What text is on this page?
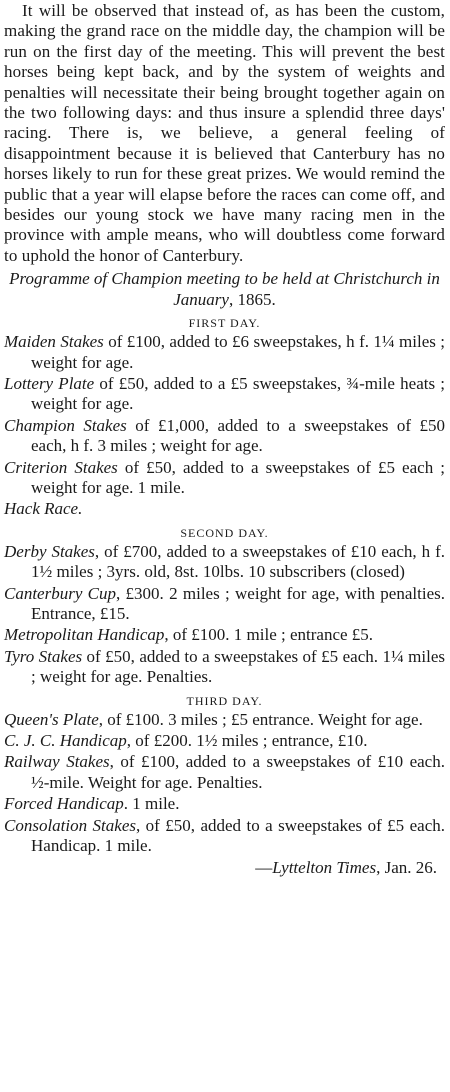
It will be observed that instead of, as has been the custom, making the grand race on the middle day, the champion will be run on the first day of the meeting. This will prevent the best horses being kept back, and by the system of weights and penalties will necessitate their being brought together again on the two following days: and thus insure a splendid three days' racing. There is, we believe, a general feeling of disappointment because it is believed that Canterbury has no horses likely to run for these great prizes. We would remind the public that a year will elapse before the races can come off, and besides our young stock we have many racing men in the province with ample means, who will doubtless come forward to uphold the honor of Canterbury.

Programme of Champion meeting to be held at Christchurch in January, 1865.

FIRST DAY.

Maiden Stakes of £100, added to £6 sweepstakes, h f. 1¼ miles ; weight for age.

Lottery Plate of £50, added to a £5 sweepstakes, ¾-mile heats ; weight for age.

Champion Stakes of £1,000, added to a sweepstakes of £50 each, h f. 3 miles ; weight for age.

Criterion Stakes of £50, added to a sweepstakes of £5 each ; weight for age. 1 mile.

Hack Race.

SECOND DAY.

Derby Stakes, of £700, added to a sweepstakes of £10 each, h f. 1½ miles ; 3yrs. old, 8st. 10lbs. 10 subscribers (closed)

Canterbury Cup, £300. 2 miles ; weight for age, with penalties. Entrance, £15.

Metropolitan Handicap, of £100. 1 mile ; entrance £5.

Tyro Stakes of £50, added to a sweepstakes of £5 each. 1¼ miles ; weight for age. Penalties.

THIRD DAY.

Queen's Plate, of £100. 3 miles ; £5 entrance. Weight for age.

C. J. C. Handicap, of £200. 1½ miles ; entrance, £10.

Railway Stakes, of £100, added to a sweepstakes of £10 each. ½-mile. Weight for age. Penalties.

Forced Handicap. 1 mile.

Consolation Stakes, of £50, added to a sweepstakes of £5 each. Handicap. 1 mile.

—Lyttelton Times, Jan. 26.
